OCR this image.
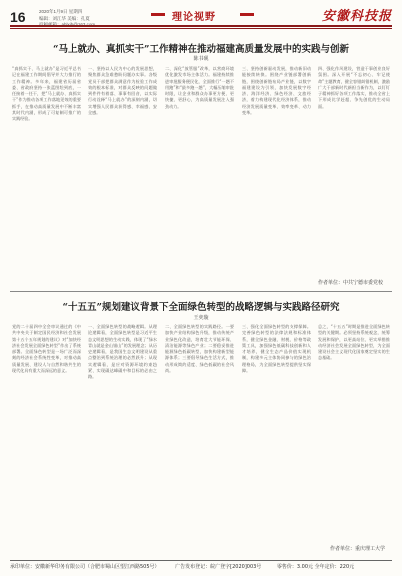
16	2020年1月9日 星期四
编辑：刘江华 美编：孔夏	理论视野	安徽科技报
“马上就办、真抓实干”工作精神在推动福建高质量发展中的实践与创新
陈书砚
“真抓实干、马上就办”是习近平总书记在福建工作期间倡导并大力推行的工作精神。多年来，福建省历届省委、省政府坚持一张蓝图绘到底，一任接着一任干，把“马上就办、真抓实干”作为推动各项工作落地见效的重要抓手，在推动高质量发展中不断丰富其时代内涵，形成了可复制可推广的实践经验。
一、坚持以人民为中心的发展思想，聚焦群众急难愁盼问题办实事。各级党员干部把群众满意作为检验工作成效的根本标准，对群众反映的问题做到件件有着落、事事有回音，以实际行动诠释“马上就办”的深刻内涵，切实增强人民群众获得感、幸福感、安全感。
二、深化“放管服”改革，以营商环境优化激发市场主体活力。福建持续推进审批服务便民化，全面推行“一趟不用跑”和“最多跑一趟”，大幅压缩审批时限，让企业和群众办事更方便、更快捷、更舒心，为高质量发展注入强劲动力。
三、坚持创新驱动发展，推动新旧动能接续转换。围绕产业链部署创新链，围绕创新链布局产业链，以数字福建建设为引领，加快发展数字经济、海洋经济、绿色经济、文旅经济，着力构建现代化经济体系，推动经济发展质量变革、效率变革、动力变革。
四、强化作风建设，营造干事创业良好氛围。深入开展“不忘初心、牢记使命”主题教育，健全容错纠错机制，激励广大干部新时代新担当新作为，以钉钉子精神抓好各项工作落实，推动全省上下形成比学赶超、争先创优的生动局面。
作者单位：中共宁德市委党校
“十五五”规划建议背景下全面绿色转型的战略逻辑与实践路径研究
王奕璇
党的二十届四中全会审议通过的《中共中央关于制定国民经济和社会发展第十五个五年规划的建议》对“加快经济社会发展全面绿色转型”作出了系统部署。全面绿色转型是一场广泛而深刻的经济社会系统性变革，对推动高质量发展、建设人与自然和谐共生的现代化具有重大而深远的意义。
一、全面绿色转型的战略逻辑。从理论逻辑看，全面绿色转型是习近平生态文明思想的生动实践，体现了“绿水青山就是金山银山”的发展理念；从历史逻辑看，是我国生态文明建设从重点整治到系统治理的必然跃升；从现实逻辑看，是应对资源环境约束趋紧、实现碳达峰碳中和目标的必由之路。
二、全面绿色转型的实践路径。一要加快产业结构绿色升级，推动传统产业绿色化改造，培育壮大节能环保、清洁能源等绿色产业；二要稳妥推进能源绿色低碳转型，加快构建新型能源体系；三要倡导绿色生活方式，推动形成简约适度、绿色低碳的社会风尚。
三、强化全面绿色转型的支撑保障。完善绿色转型的法律法规和标准体系，健全绿色金融、财税、价格等政策工具，加强绿色低碳科技创新和人才培养，健全生态产品价值实现机制，构建多元主体协同参与的绿色治理格局，为全面绿色转型提供坚实保障。
总之，“十五五”时期是推进全面绿色转型的关键期。必须坚持系统观念，统筹发展和保护，以更高站位、更实举措推动经济社会发展全面绿色转型，为全面建设社会主义现代化国家奠定坚实的生态基础。
作者单位：重庆理工大学
承印单位：安徽新华印务有限公司（合肥市蜀山区望江西路505号）	广告发布登记：皖广登字[2020]003号	零售价：3.00元 全年定价：220元
